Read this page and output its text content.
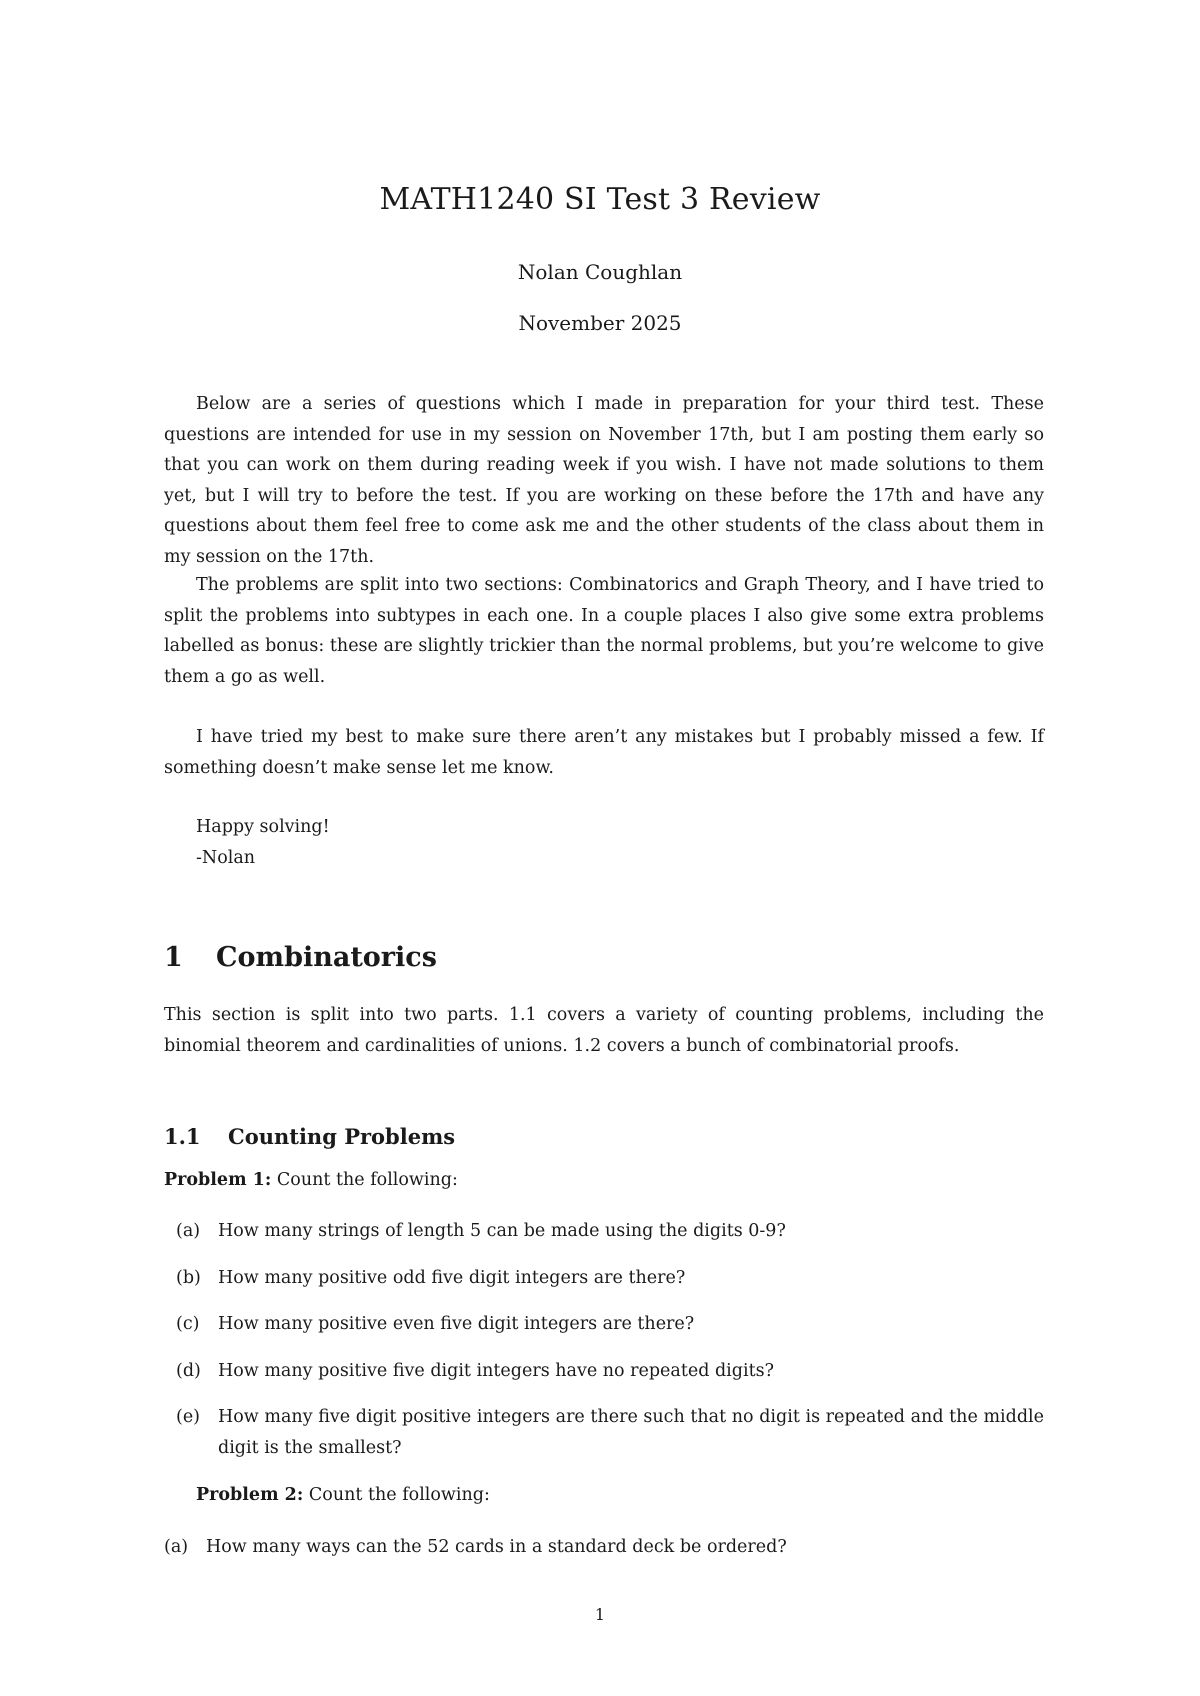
MATH1240 SI Test 3 Review

Nolan Coughlan

November 2025

Below are a series of questions which I made in preparation for your third test. These questions are intended for use in my session on November 17th, but I am posting them early so that you can work on them during reading week if you wish. I have not made solutions to them yet, but I will try to before the test. If you are working on these before the 17th and have any questions about them feel free to come ask me and the other students of the class about them in my session on the 17th.

The problems are split into two sections: Combinatorics and Graph Theory, and I have tried to split the problems into subtypes in each one. In a couple places I also give some extra problems labelled as bonus: these are slightly trickier than the normal problems, but you’re welcome to give them a go as well.

I have tried my best to make sure there aren’t any mistakes but I probably missed a few. If something doesn’t make sense let me know.

Happy solving!
-Nolan
1 Combinatorics

This section is split into two parts. 1.1 covers a variety of counting problems, including the binomial theorem and cardinalities of unions. 1.2 covers a bunch of combinatorial proofs.

1.1 Counting Problems

Problem 1: Count the following:

(a)	How many strings of length 5 can be made using the digits 0-9?
(b) How many positive odd five digit integers are there?
(c)	How many positive even five digit integers are there?
(d) How many positive five digit integers have no repeated digits?
(e)	How many five digit positive integers are there such that no digit is repeated and the middle digit is the smallest?

Problem 2: Count the following:

(a)	How many ways can the 52 cards in a standard deck be ordered?

1
